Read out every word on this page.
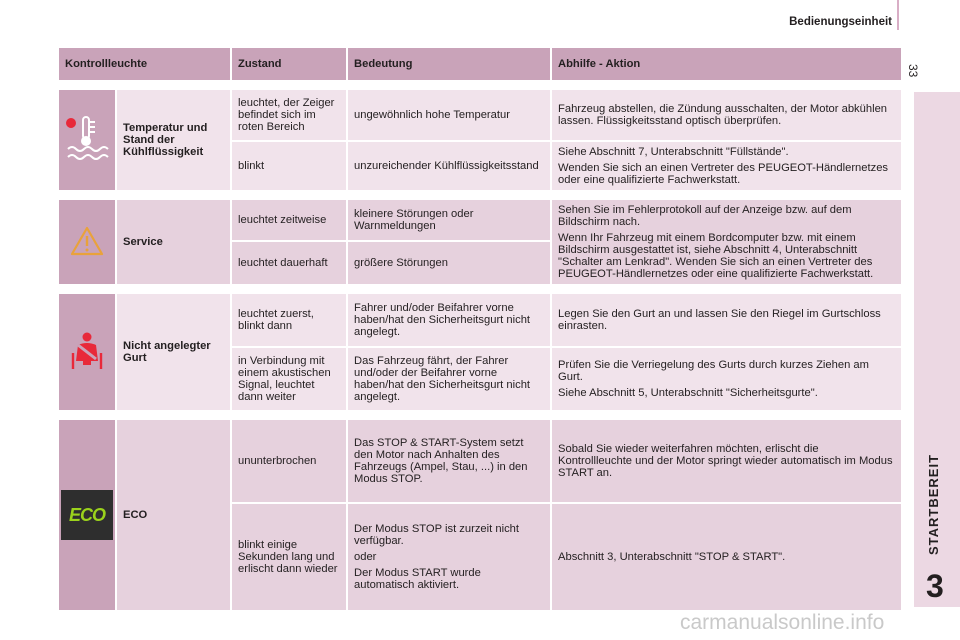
Bedienungseinheit
33
STARTBEREIT
3
carmanualsonline.info
Kontrollleuchte		Zustand	Bedeutung	Abhilfe - Aktion

	Temperatur und Stand der Kühlflüssigkeit	leuchtet, der Zeiger befindet sich im roten Bereich	ungewöhnlich hohe Temperatur	Fahrzeug abstellen, die Zündung ausschalten, der Motor abkühlen lassen. Flüssigkeitsstand optisch überprüfen.

		blinkt	unzureichender Kühlflüssigkeitsstand	Siehe Abschnitt 7, Unterabschnitt "Füllstände".

Wenden Sie sich an einen Vertreter des PEUGEOT-Händlernetzes oder eine qualifizierte Fachwerkstatt.

	Service	leuchtet zeitweise	kleinere Störungen oder Warnmeldungen	Sehen Sie im Fehlerprotokoll auf der Anzeige bzw. auf dem Bildschirm nach.

Wenn Ihr Fahrzeug mit einem Bordcomputer bzw. mit einem Bildschirm ausgestattet ist, siehe Abschnitt 4, Unterabschnitt "Schalter am Lenkrad". Wenden Sie sich an einen Vertreter des PEUGEOT-Händlernetzes oder eine qualifizierte Fachwerkstatt.

		leuchtet dauerhaft	größere Störungen	

	Nicht angelegter Gurt	leuchtet zuerst, blinkt dann	Fahrer und/oder Beifahrer vorne haben/hat den Sicherheitsgurt nicht angelegt.	Legen Sie den Gurt an und lassen Sie den Riegel im Gurtschloss einrasten.

		in Verbindung mit einem akustischen Signal, leuchtet dann weiter	Das Fahrzeug fährt, der Fahrer und/oder der Beifahrer vorne haben/hat den Sicherheitsgurt nicht angelegt.	Prüfen Sie die Verriegelung des Gurts durch kurzes Ziehen am Gurt.

Siehe Abschnitt 5, Unterabschnitt "Sicherheitsgurte".

ECO	ECO	ununterbrochen	Das STOP & START-System setzt den Motor nach Anhalten des Fahrzeugs (Ampel, Stau, ...) in den Modus STOP.	Sobald Sie wieder weiterfahren möchten, erlischt die Kontrollleuchte und der Motor springt wieder automatisch im Modus START an.

		blinkt einige Sekunden lang und erlischt dann wieder	Der Modus STOP ist zurzeit nicht verfügbar.

oder

Der Modus START wurde automatisch aktiviert.	Abschnitt 3, Unterabschnitt "STOP & START".
